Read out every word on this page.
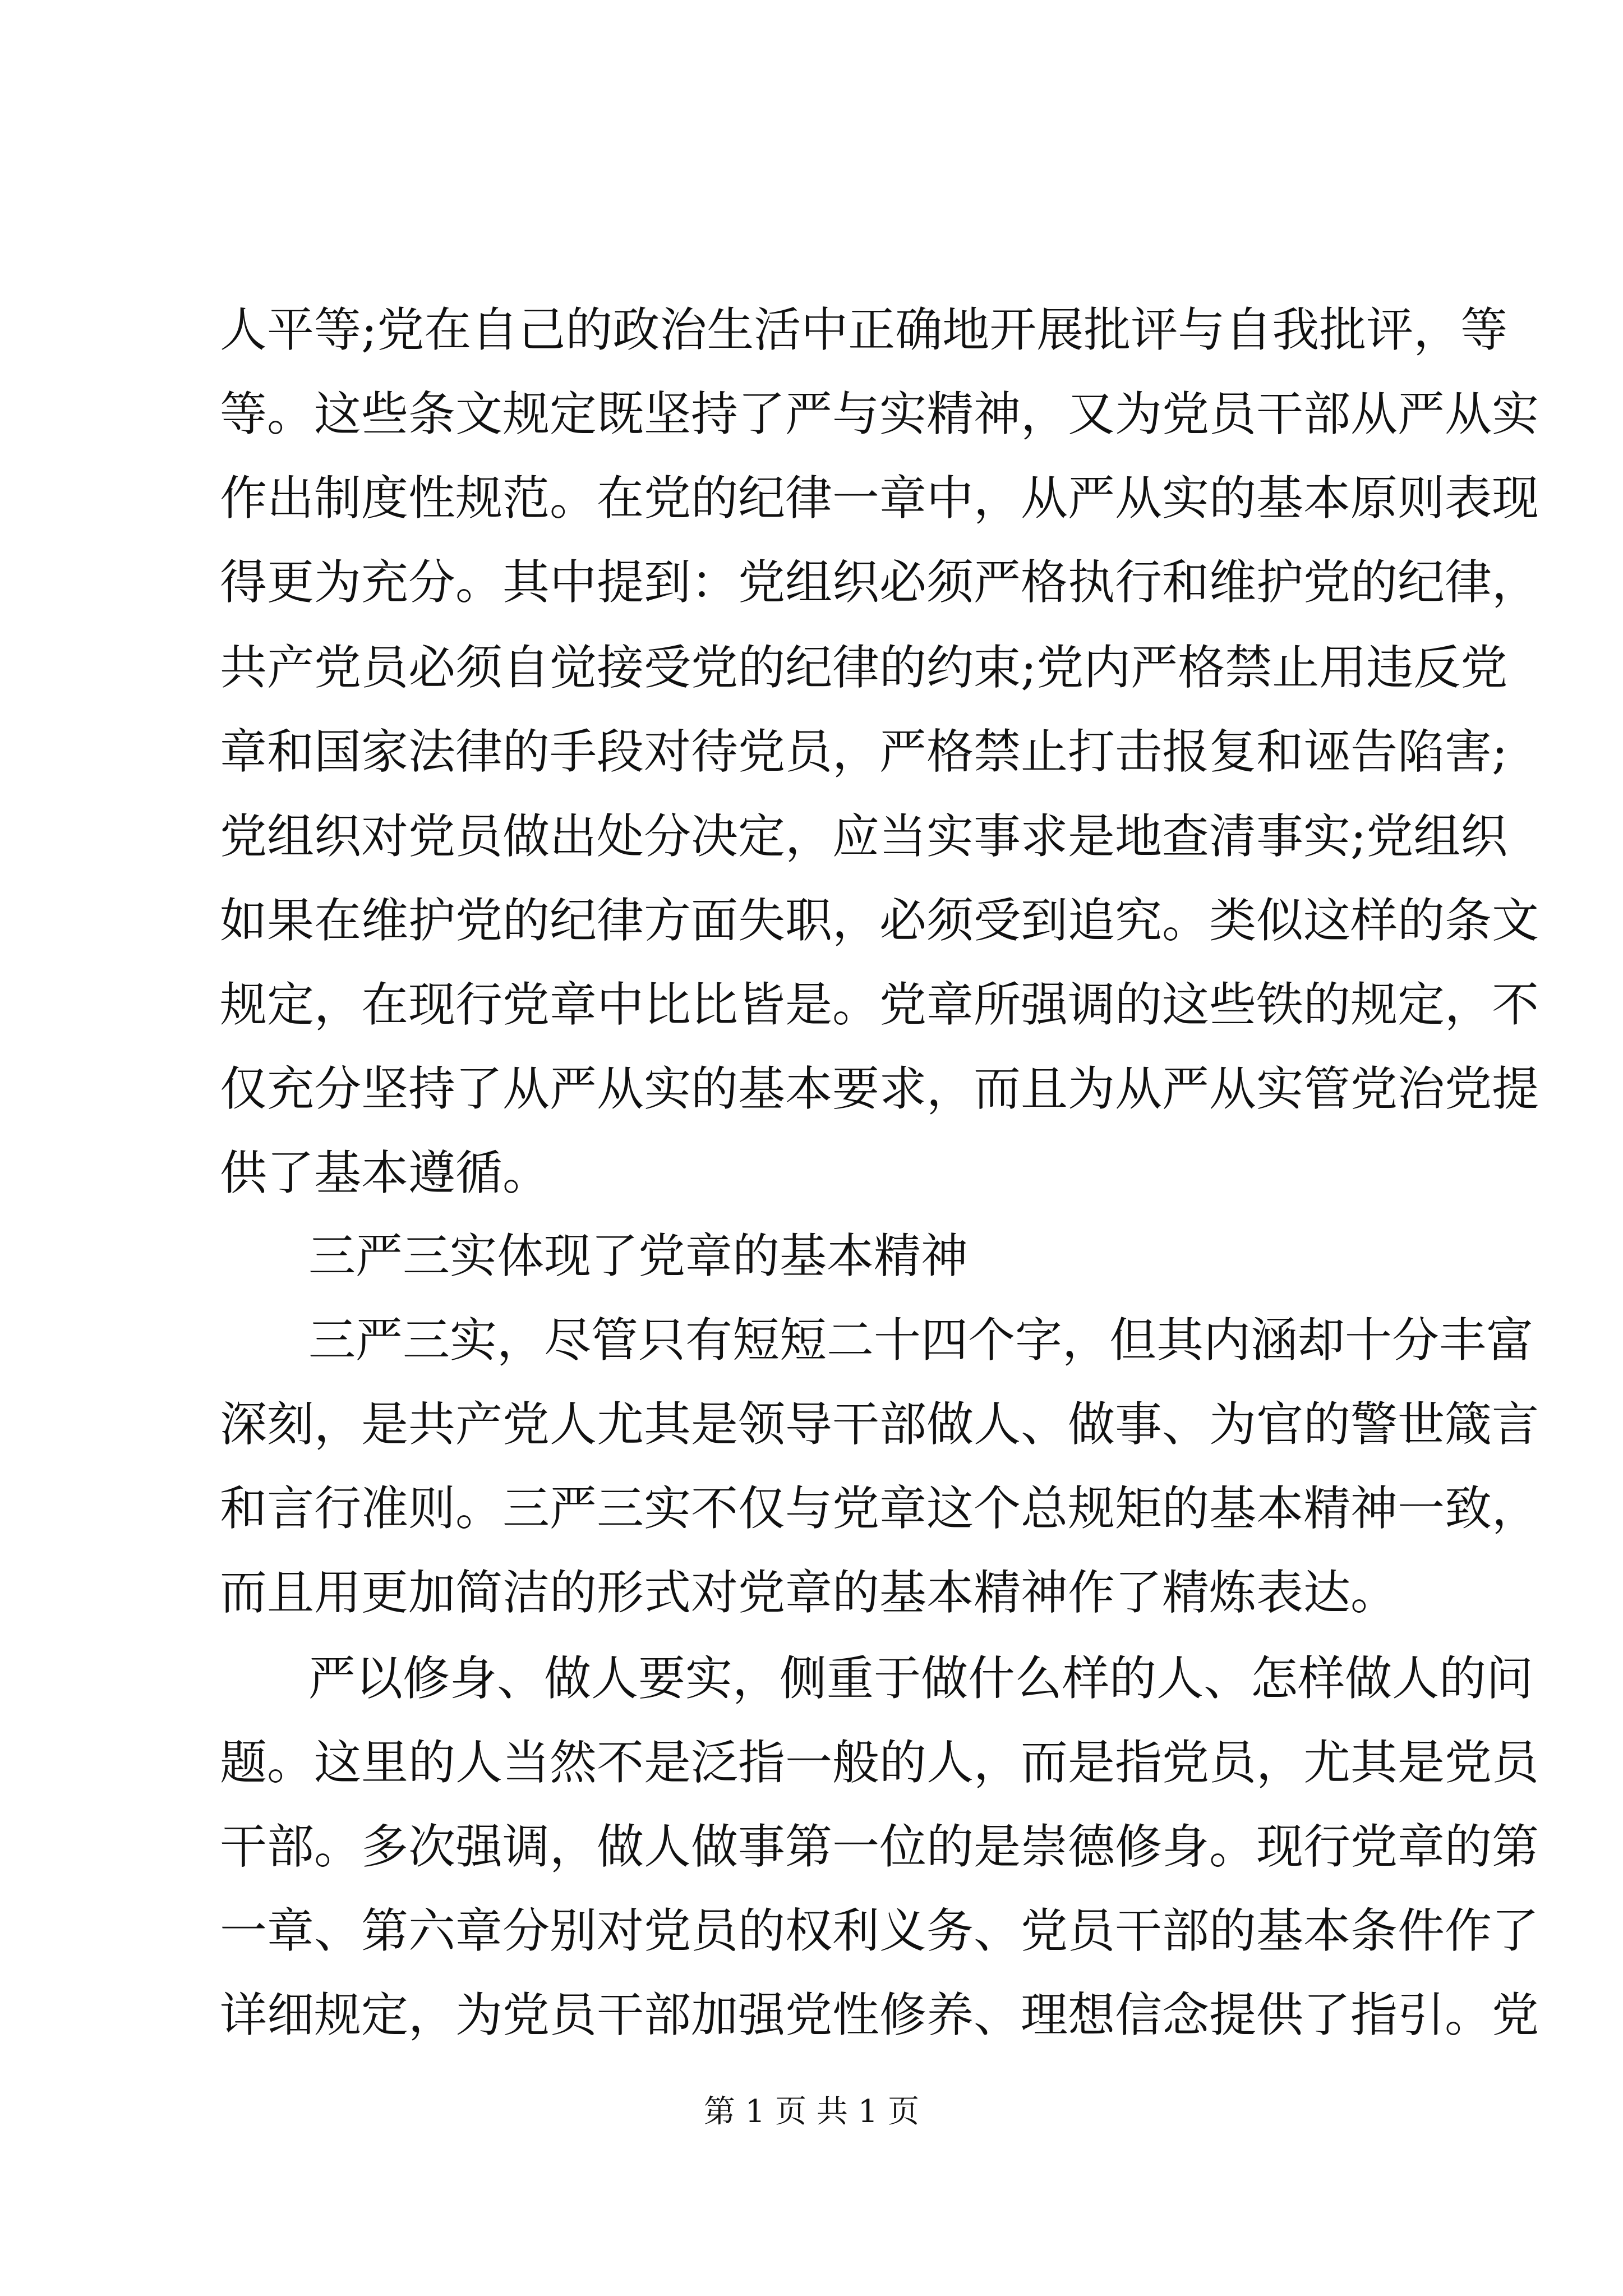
人平等;党在自己的政治生活中正确地开展批评与自我批评，等
等。这些条文规定既坚持了严与实精神，又为党员干部从严从实
作出制度性规范。在党的纪律一章中，从严从实的基本原则表现
得更为充分。其中提到：党组织必须严格执行和维护党的纪律，
共产党员必须自觉接受党的纪律的约束;党内严格禁止用违反党
章和国家法律的手段对待党员，严格禁止打击报复和诬告陷害;
党组织对党员做出处分决定，应当实事求是地查清事实;党组织
如果在维护党的纪律方面失职，必须受到追究。类似这样的条文
规定，在现行党章中比比皆是。党章所强调的这些铁的规定，不
仅充分坚持了从严从实的基本要求，而且为从严从实管党治党提
供了基本遵循。
三严三实体现了党章的基本精神
三严三实，尽管只有短短二十四个字，但其内涵却十分丰富
深刻，是共产党人尤其是领导干部做人、做事、为官的警世箴言
和言行准则。三严三实不仅与党章这个总规矩的基本精神一致，
而且用更加简洁的形式对党章的基本精神作了精炼表达。
严以修身、做人要实，侧重于做什么样的人、怎样做人的问
题。这里的人当然不是泛指一般的人，而是指党员，尤其是党员
干部。多次强调，做人做事第一位的是崇德修身。现行党章的第
一章、第六章分别对党员的权利义务、党员干部的基本条件作了
详细规定，为党员干部加强党性修养、理想信念提供了指引。党
第 1 页 共 1 页
